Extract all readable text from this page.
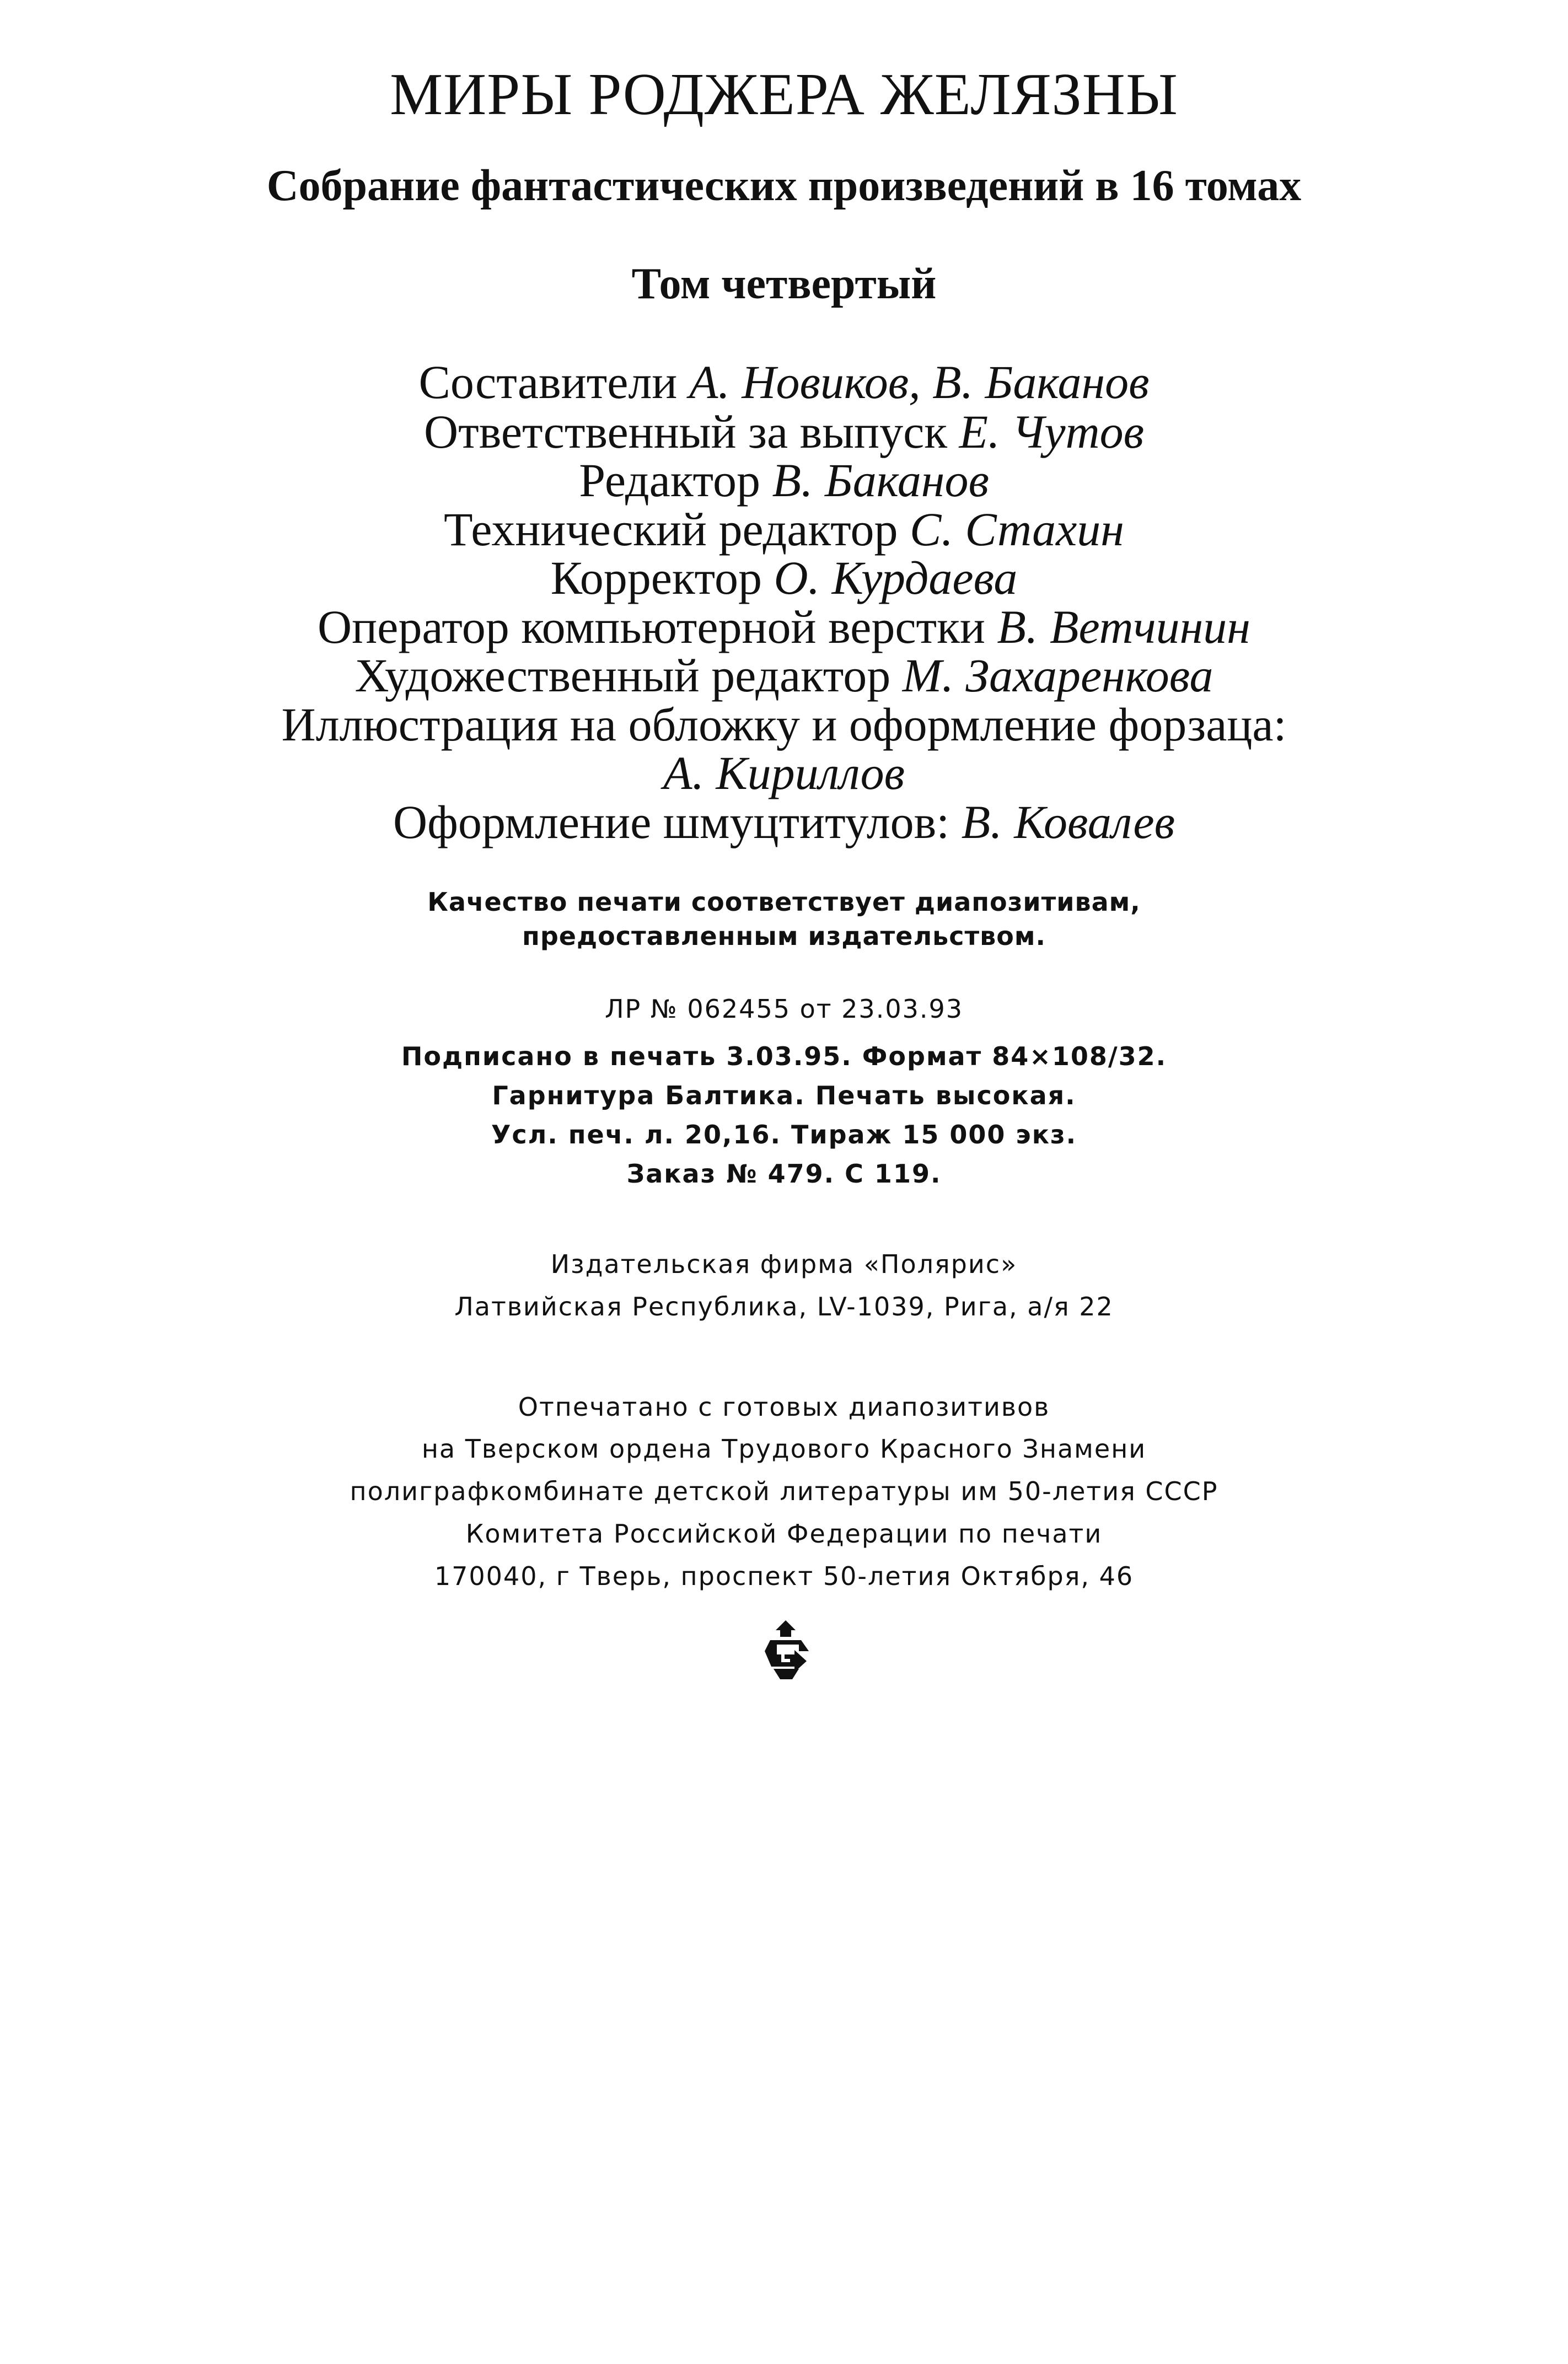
МИРЫ РОДЖЕРА ЖЕЛЯЗНЫ
Собрание фантастических произведений в 16 томах
Том четвертый
Составители А. Новиков, В. Баканов
Ответственный за выпуск Е. Чутов
Редактор В. Баканов
Технический редактор С. Стахин
Корректор О. Курдаева
Оператор компьютерной верстки В. Ветчинин
Художественный редактор М. Захаренкова
Иллюстрация на обложку и оформление форзаца:
А. Кириллов
Оформление шмуцтитулов: В. Ковалев
Качество печати соответствует диапозитивам,
предоставленным издательством.
ЛР № 062455 от 23.03.93
Подписано в печать 3.03.95. Формат 84×108/32.
Гарнитура Балтика. Печать высокая.
Усл. печ. л. 20,16. Тираж 15 000 экз.
Заказ № 479. С 119.
Издательская фирма «Полярис»
Латвийская Республика, LV-1039, Рига, а/я 22
Отпечатано с готовых диапозитивов
на Тверском ордена Трудового Красного Знамени
полиграфкомбинате детской литературы им 50-летия СССР
Комитета Российской Федерации по печати
170040, г Тверь, проспект 50-летия Октября, 46
